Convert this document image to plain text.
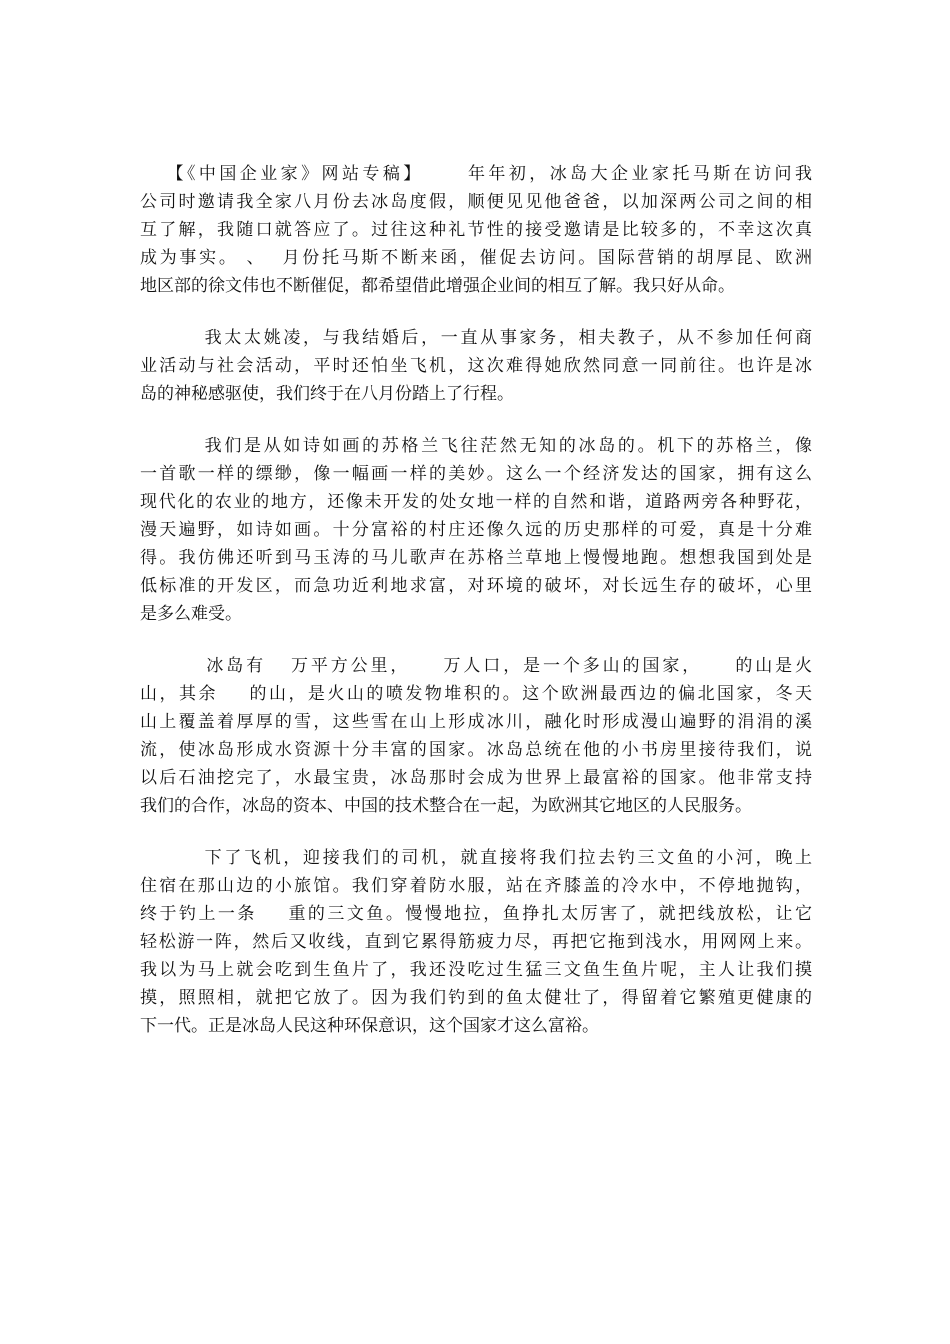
【《中国企业家》网站专稿】     年年初，冰岛大企业家托马斯在访问我
公司时邀请我全家八月份去冰岛度假，顺便见见他爸爸，以加深两公司之间的相
互了解，我随口就答应了。过往这种礼节性的接受邀请是比较多的，不幸这次真
成为事实。 、  月份托马斯不断来函，催促去访问。国际营销的胡厚昆、欧洲
地区部的徐文伟也不断催促，都希望借此增强企业间的相互了解。我只好从命。
我太太姚凌，与我结婚后，一直从事家务，相夫教子，从不参加任何商
业活动与社会活动，平时还怕坐飞机，这次难得她欣然同意一同前往。也许是冰
岛的神秘感驱使，我们终于在八月份踏上了行程。
我们是从如诗如画的苏格兰飞往茫然无知的冰岛的。机下的苏格兰，像
一首歌一样的缥缈，像一幅画一样的美妙。这么一个经济发达的国家，拥有这么
现代化的农业的地方，还像未开发的处女地一样的自然和谐，道路两旁各种野花，
漫天遍野，如诗如画。十分富裕的村庄还像久远的历史那样的可爱，真是十分难
得。我仿佛还听到马玉涛的马儿歌声在苏格兰草地上慢慢地跑。想想我国到处是
低标准的开发区，而急功近利地求富，对环境的破坏，对长远生存的破坏，心里
是多么难受。
冰岛有   万平方公里，    万人口，是一个多山的国家，    的山是火
山，其余    的山，是火山的喷发物堆积的。这个欧洲最西边的偏北国家，冬天
山上覆盖着厚厚的雪，这些雪在山上形成冰川，融化时形成漫山遍野的涓涓的溪
流，使冰岛形成水资源十分丰富的国家。冰岛总统在他的小书房里接待我们，说
以后石油挖完了，水最宝贵，冰岛那时会成为世界上最富裕的国家。他非常支持
我们的合作，冰岛的资本、中国的技术整合在一起，为欧洲其它地区的人民服务。
下了飞机，迎接我们的司机，就直接将我们拉去钓三文鱼的小河，晚上
住宿在那山边的小旅馆。我们穿着防水服，站在齐膝盖的冷水中，不停地抛钩，
终于钓上一条    重的三文鱼。慢慢地拉，鱼挣扎太厉害了，就把线放松，让它
轻松游一阵，然后又收线，直到它累得筋疲力尽，再把它拖到浅水，用网网上来。
我以为马上就会吃到生鱼片了，我还没吃过生猛三文鱼生鱼片呢，主人让我们摸
摸，照照相，就把它放了。因为我们钓到的鱼太健壮了，得留着它繁殖更健康的
下一代。正是冰岛人民这种环保意识，这个国家才这么富裕。
